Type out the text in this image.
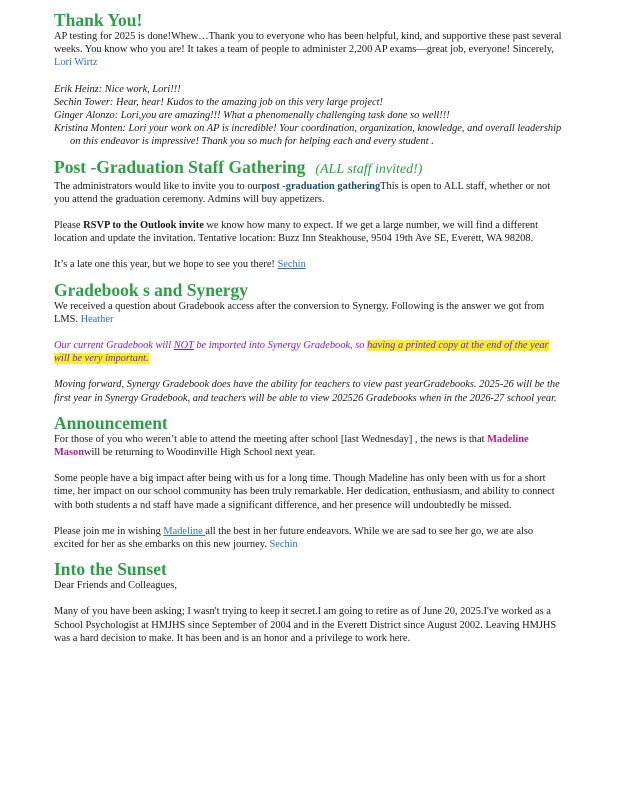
Thank You!

AP testing for 2025 is done!Whew…Thank you to everyone who has been helpful, kind, and supportive these past several weeks. You know who you are! It takes a team of people to administer 2,200 AP exams—great job, everyone! Sincerely, Lori Wirtz

Erik Heinz: Nice work, Lori!!!

Sechin Tower: Hear, hear! Kudos to the amazing job on this very large project!

Ginger Alonzo: Lori,you are amazing!!! What a phenomenally challenging task done so well!!!

Kristina Monten: Lori your work on AP is incredible! Your coordination, organization, knowledge, and overall leadership on this endeavor is impressive! Thank you so much for helping each and every student .

Post -Graduation Staff Gathering (ALL staff invited!)

The administrators would like to invite you to ourpost -graduation gatheringThis is open to ALL staff, whether or not you attend the graduation ceremony. Admins will buy appetizers.

Please RSVP to the Outlook invite we know how many to expect. If we get a large number, we will find a different location and update the invitation. Tentative location: Buzz Inn Steakhouse, 9504 19th Ave SE, Everett, WA 98208.

It’s a late one this year, but we hope to see you there! Sechin

Gradebook s and Synergy

We received a question about Gradebook access after the conversion to Synergy. Following is the answer we got from LMS. Heather

Our current Gradebook will NOT be imported into Synergy Gradebook, so having a printed copy at the end of the year will be very important.

Moving forward, Synergy Gradebook does have the ability for teachers to view past yearGradebooks. 2025-26 will be the first year in Synergy Gradebook, and teachers will be able to view 202526 Gradebooks when in the 2026-27 school year.

Announcement

For those of you who weren’t able to attend the meeting after school [last Wednesday] , the news is that Madeline Masonwill be returning to Woodinville High School next year.

Some people have a big impact after being with us for a long time. Though Madeline has only been with us for a short time, her impact on our school community has been truly remarkable. Her dedication, enthusiasm, and ability to connect with both students a nd staff have made a significant difference, and her presence will undoubtedly be missed.

Please join me in wishing Madeline all the best in her future endeavors. While we are sad to see her go, we are also excited for her as she embarks on this new journey. Sechin

Into the Sunset

Dear Friends and Colleagues,

Many of you have been asking; I wasn't trying to keep it secret.I am going to retire as of June 20, 2025.I've worked as a School Psychologist at HMJHS since September of 2004 and in the Everett District since August 2002. Leaving HMJHS was a hard decision to make. It has been and is an honor and a privilege to work here.
